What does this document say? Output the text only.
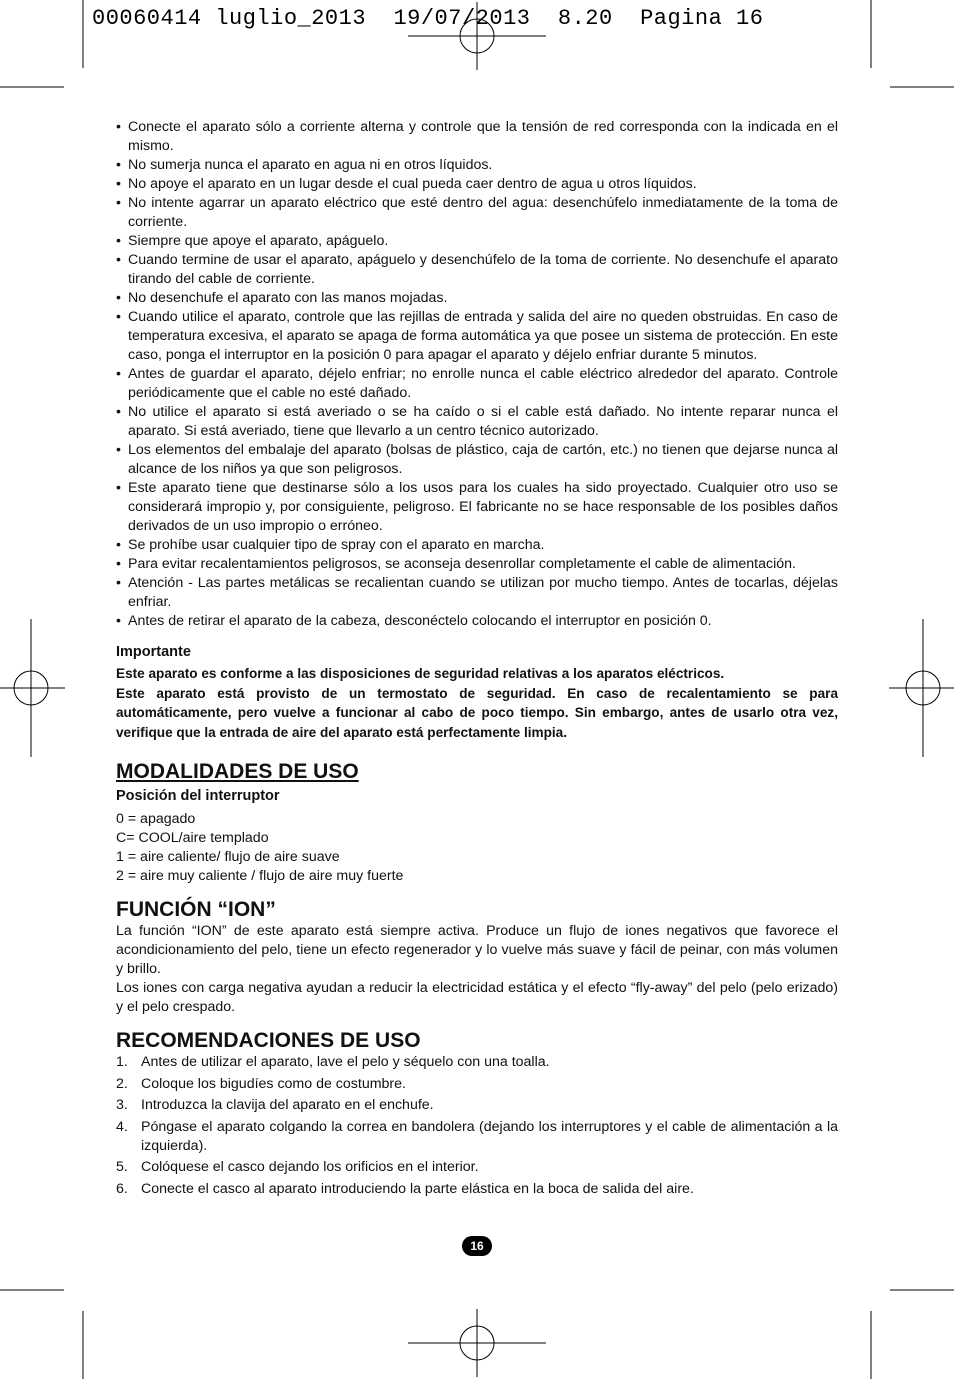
00060414 luglio_2013  19/07/2013  8.20  Pagina 16
• Conecte el aparato sólo a corriente alterna y controle que la tensión de red corresponda con la indicada en el mismo.
• No sumerja nunca el aparato en agua ni en otros líquidos.
• No apoye el aparato en un lugar desde el cual pueda caer dentro de agua u otros líquidos.
• No intente agarrar un aparato eléctrico que esté dentro del agua: desenchúfelo inmediatamente de la toma de corriente.
• Siempre que apoye el aparato, apáguelo.
• Cuando termine de usar el aparato, apáguelo y desenchúfelo de la toma de corriente. No desenchufe el aparato tirando del cable de corriente.
• No desenchufe el aparato con las manos mojadas.
• Cuando utilice el aparato, controle que las rejillas de entrada y salida del aire no queden obstruidas. En caso de temperatura excesiva, el aparato se apaga de forma automática ya que posee un sistema de protección. En este caso, ponga el interruptor en la posición 0 para apagar el aparato y déjelo enfriar durante 5 minutos.
• Antes de guardar el aparato, déjelo enfriar; no enrolle nunca el cable eléctrico alrededor del aparato. Controle periódicamente que el cable no esté dañado.
• No utilice el aparato si está averiado o se ha caído o si el cable está dañado. No intente reparar nunca el aparato. Si está averiado, tiene que llevarlo a un centro técnico autorizado.
• Los elementos del embalaje del aparato (bolsas de plástico, caja de cartón, etc.) no tienen que dejarse nunca al alcance de los niños ya que son peligrosos.
• Este aparato tiene que destinarse sólo a los usos para los cuales ha sido proyectado. Cualquier otro uso se considerará impropio y, por consiguiente, peligroso. El fabricante no se hace responsable de los posibles daños derivados de un uso impropio o erróneo.
• Se prohíbe usar cualquier tipo de spray con el aparato en marcha.
• Para evitar recalentamientos peligrosos, se aconseja desenrollar completamente el cable de alimentación.
• Atención - Las partes metálicas se recalientan cuando se utilizan por mucho tiempo. Antes de tocarlas, déjelas enfriar.
• Antes de retirar el aparato de la cabeza, desconéctelo colocando el interruptor en posición 0.
Importante

Este aparato es conforme a las disposiciones de seguridad relativas a los aparatos eléctricos.

Este aparato está provisto de un termostato de seguridad. En caso de recalentamiento se para automáticamente, pero vuelve a funcionar al cabo de poco tiempo. Sin embargo, antes de usarlo otra vez, verifique que la entrada de aire del aparato está perfectamente limpia.

MODALIDADES DE USO
Posición del interruptor

0 = apagado

C= COOL/aire templado

1 = aire caliente/ flujo de aire suave

2 = aire muy caliente / flujo de aire muy fuerte

FUNCIÓN “ION”

La función “ION” de este aparato está siempre activa. Produce un flujo de iones negativos que favorece el acondicionamiento del pelo, tiene un efecto regenerador y lo vuelve más suave y fácil de peinar, con más volumen y brillo.

Los iones con carga negativa ayudan a reducir la electricidad estática y el efecto “fly-away” del pelo (pelo erizado) y el pelo crespado.

RECOMENDACIONES DE USO
1. Antes de utilizar el aparato, lave el pelo y séquelo con una toalla.
2. Coloque los bigudíes como de costumbre.
3. Introduzca la clavija del aparato en el enchufe.
4. Póngase el aparato colgando la correa en bandolera (dejando los interruptores y el cable de alimentación a la izquierda).
5. Colóquese el casco dejando los orificios en el interior.
6. Conecte el casco al aparato introduciendo la parte elástica en la boca de salida del aire.
16
